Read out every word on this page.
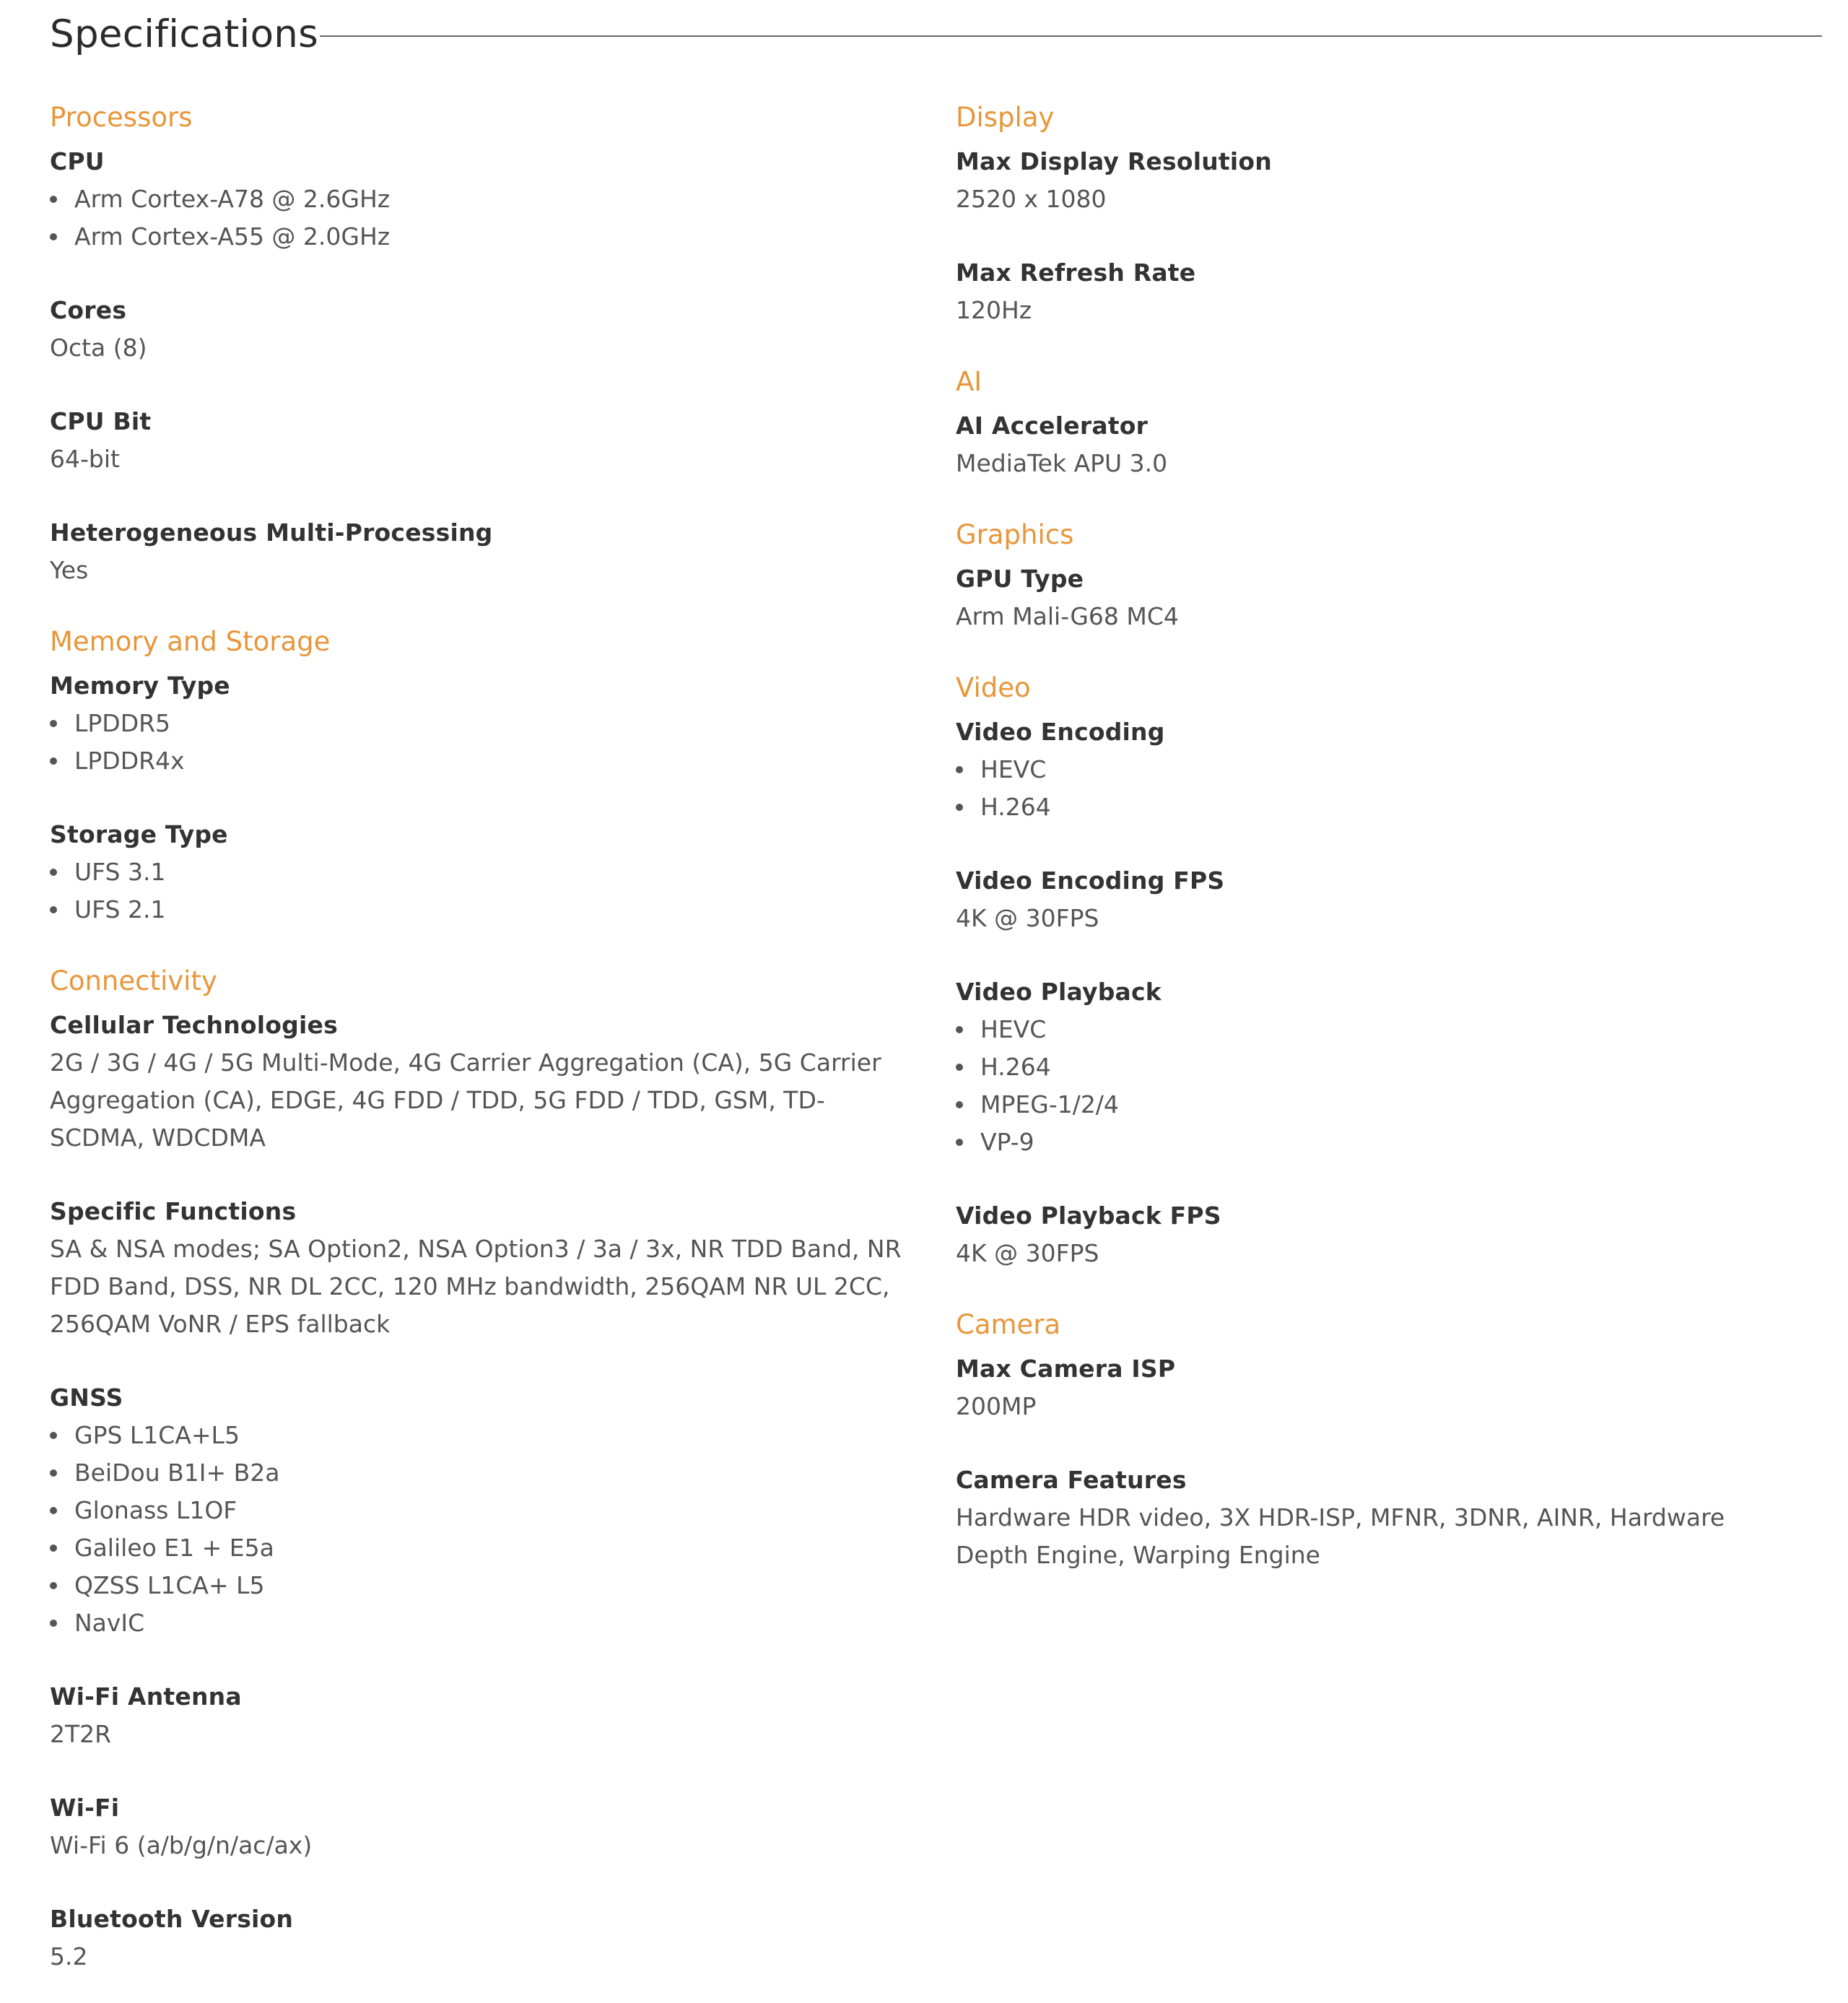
Specifications
Processors
CPU
Arm Cortex-A78 @ 2.6GHz
Arm Cortex-A55 @ 2.0GHz
Cores
Octa (8)
CPU Bit
64-bit
Heterogeneous Multi-Processing
Yes
Memory and Storage
Memory Type
LPDDR5
LPDDR4x
Storage Type
UFS 3.1
UFS 2.1
Connectivity
Cellular Technologies
2G / 3G / 4G / 5G Multi-Mode, 4G Carrier Aggregation (CA), 5G Carrier Aggregation (CA), EDGE, 4G FDD / TDD, 5G FDD / TDD, GSM, TD-SCDMA, WDCDMA
Specific Functions
SA & NSA modes; SA Option2, NSA Option3 / 3a / 3x, NR TDD Band, NR FDD Band, DSS, NR DL 2CC, 120 MHz bandwidth, 256QAM NR UL 2CC, 256QAM VoNR / EPS fallback
GNSS
GPS L1CA+L5
BeiDou B1I+ B2a
Glonass L1OF
Galileo E1 + E5a
QZSS L1CA+ L5
NavIC
Wi-Fi Antenna
2T2R
Wi-Fi
Wi-Fi 6 (a/b/g/n/ac/ax)
Bluetooth Version
5.2
Display
Max Display Resolution
2520 x 1080
Max Refresh Rate
120Hz
AI
AI Accelerator
MediaTek APU 3.0
Graphics
GPU Type
Arm Mali-G68 MC4
Video
Video Encoding
HEVC
H.264
Video Encoding FPS
4K @ 30FPS
Video Playback
HEVC
H.264
MPEG-1/2/4
VP-9
Video Playback FPS
4K @ 30FPS
Camera
Max Camera ISP
200MP
Camera Features
Hardware HDR video, 3X HDR-ISP, MFNR, 3DNR, AINR, Hardware Depth Engine, Warping Engine
